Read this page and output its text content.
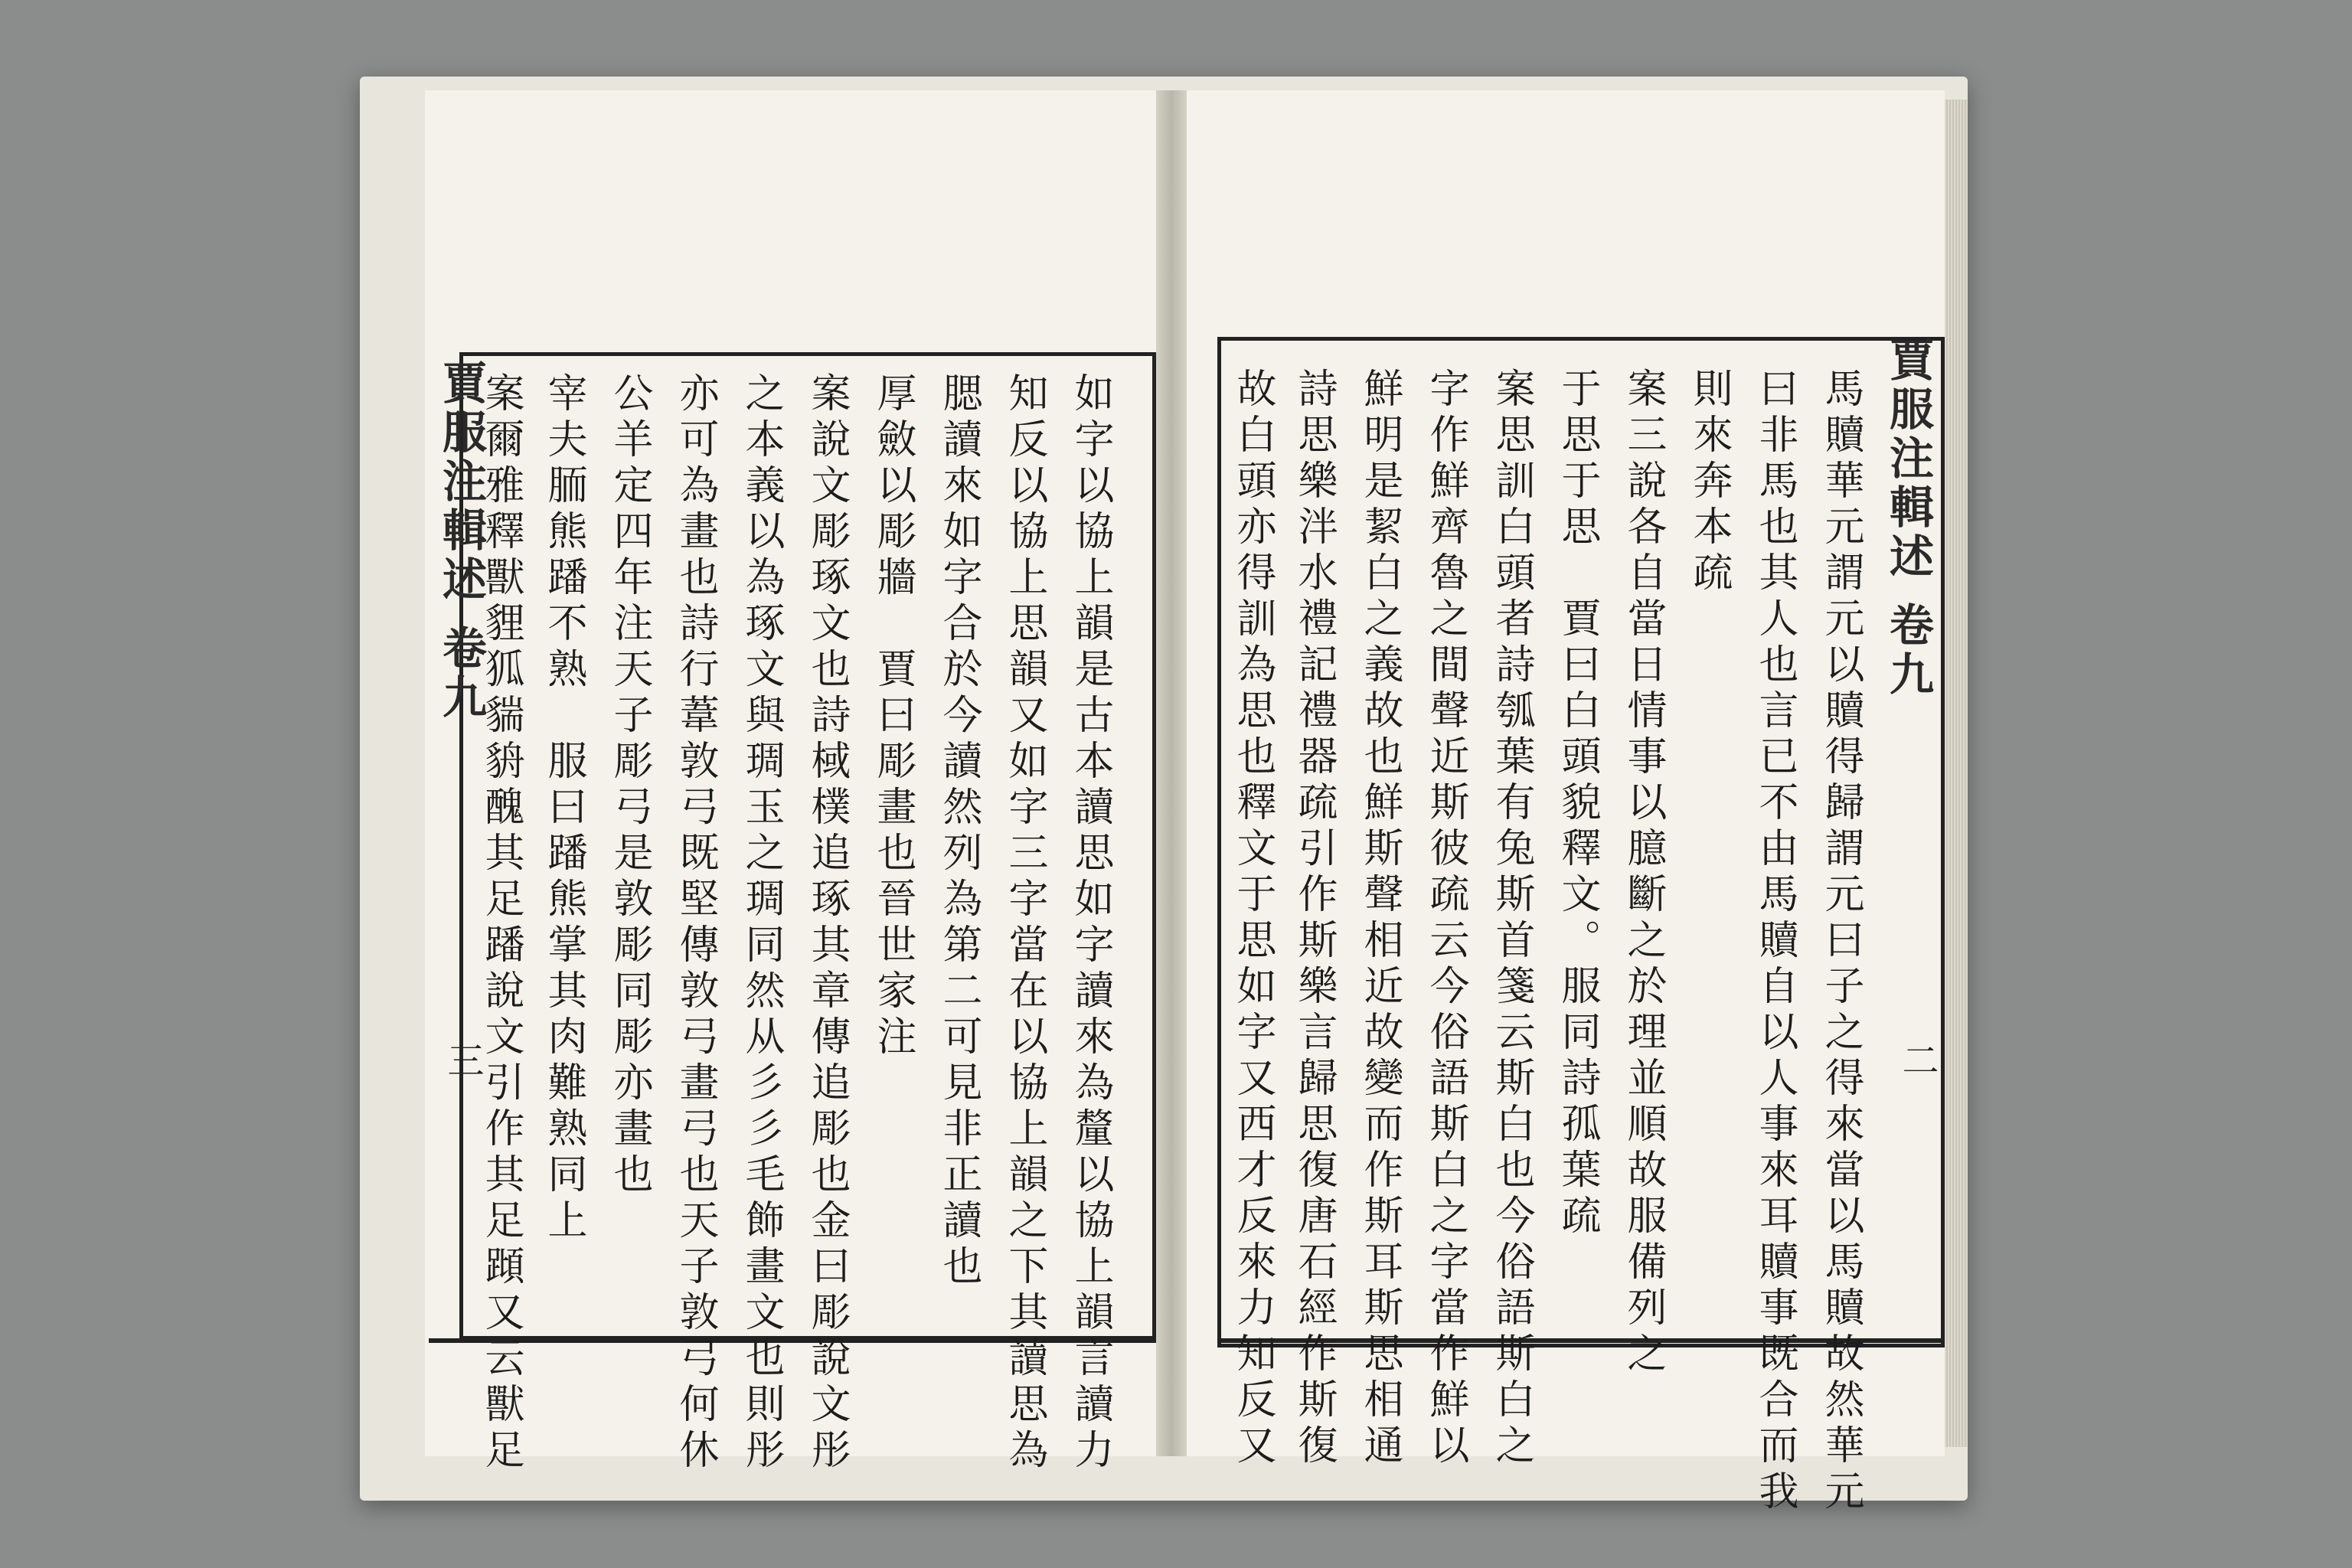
賈服注輯述 卷九
三	如字以協上韻是古本讀思如字讀來為釐以協上韻言讀力
知反以協上思韻又如字三字當在以協上韻之下其讀思為
腮讀來如字合於今讀然列為第二可見非正讀也
厚斂以彫牆　賈曰彫畫也晉世家注
案說文彫琢文也詩棫樸追琢其章傳追彫也金曰彫說文彤
之本義以為琢文與琱玉之琱同然从彡彡毛飾畫文也則彤
亦可為畫也詩行葦敦弓既堅傳敦弓畫弓也天子敦弓何休
公羊定四年注天子彫弓是敦彫同彫亦畫也
宰夫胹熊蹯不熟　服曰蹯熊掌其肉難熟同上
案爾雅釋獸貍狐貒貈醜其足蹯說文引作其足蹞又云獸足	賈服注輯述 卷九
二
馬贖華元謂元以贖得歸謂元曰子之得來當以馬贖故然華元
曰非馬也其人也言已不由馬贖自以人事來耳贖事既合而我
則來奔本疏
案三說各自當日情事以臆斷之於理並順故服備列之
于思于思　賈曰白頭貌釋文。服同詩孤葉疏
案思訓白頭者詩瓠葉有兔斯首箋云斯白也今俗語斯白之
字作鮮齊魯之間聲近斯彼疏云今俗語斯白之字當作鮮以
鮮明是絜白之義故也鮮斯聲相近故變而作斯耳斯思相通
詩思樂泮水禮記禮器疏引作斯樂言歸思復唐石經作斯復
故白頭亦得訓為思也釋文于思如字又西才反來力知反又
